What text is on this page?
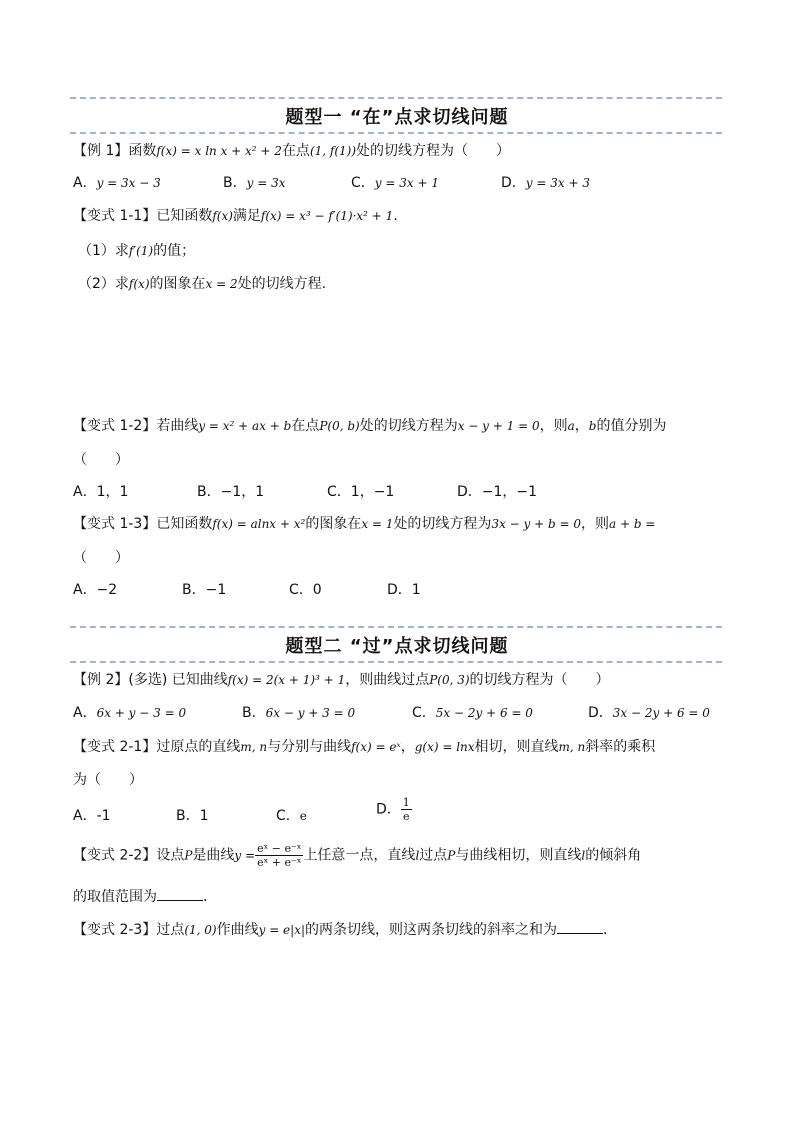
题型一 “在”点求切线问题
【例 1】函数f(x) = x ln x + x² + 2在点(1, f(1))处的切线方程为（　　）
A．y = 3x − 3	B．y = 3x	C．y = 3x + 1	D．y = 3x + 3
【变式 1-1】已知函数f(x)满足f(x) = x³ − f′(1)·x² + 1.
（1）求f′(1)的值；
（2）求f(x)的图象在x = 2处的切线方程.
【变式 1-2】若曲线y = x² + ax + b在点P(0, b)处的切线方程为x − y + 1 = 0，则a，b的值分别为
（　　）
A．1，1	B．−1，1	C．1，−1	D．−1，−1
【变式 1-3】已知函数f(x) = alnx + x²的图象在x = 1处的切线方程为3x − y + b = 0，则a + b =
（　　）
A．−2	B．−1	C．0	D．1
题型二 “过”点求切线问题
【例 2】(多选) 已知曲线f(x) = 2(x + 1)³ + 1，则曲线过点P(0, 3)的切线方程为（　　）
A．6x + y − 3 = 0	B．6x − y + 3 = 0	C．5x − 2y + 6 = 0	D．3x − 2y + 6 = 0
【变式 2-1】过原点的直线m, n与分别与曲线f(x) = eˣ，g(x) = lnx相切，则直线m, n斜率的乘积
为（　　）
A．-1	B．1	C．e	D． $\frac{1}{e}$
【变式 2-2】设点P是曲线$y = \frac{\text{eˣ − e⁻ˣ}}{\text{eˣ + e⁻ˣ}}$ 上任意一点，直线l过点P与曲线相切，则直线l的倾斜角
的取值范围为	.
【变式 2-3】过点(1, 0)作曲线y = e|x|的两条切线，则这两条切线的斜率之和为	.
